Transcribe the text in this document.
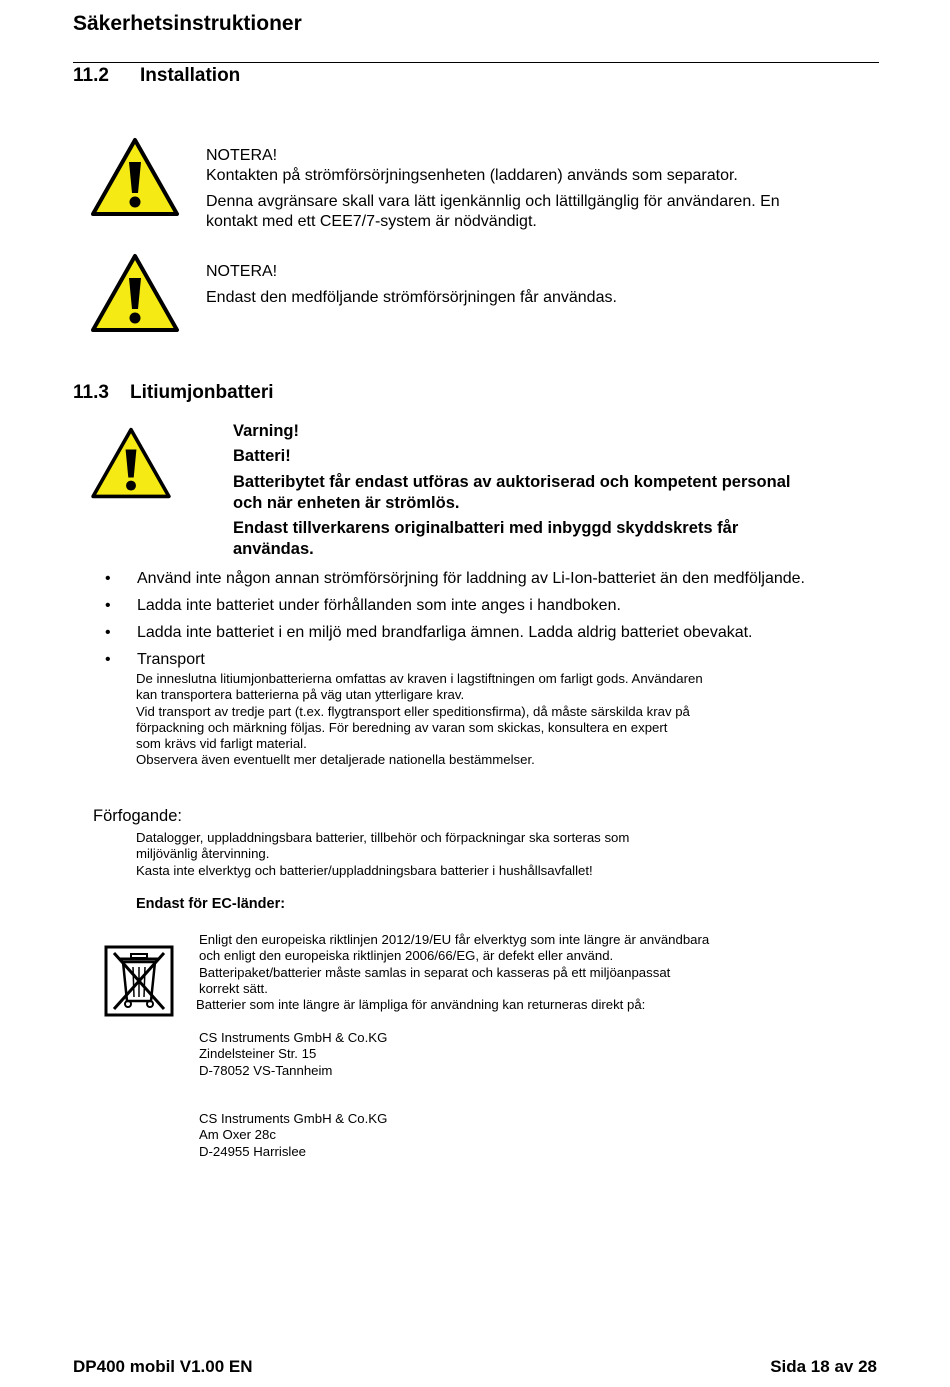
Säkerhetsinstruktioner
11.2 Installation
NOTERA!
Kontakten på strömförsörjningsenheten (laddaren) används som separator.
Denna avgränsare skall vara lätt igenkännlig och lättillgänglig för användaren. En
kontakt med ett CEE7/7-system är nödvändigt.
NOTERA!
Endast den medföljande strömförsörjningen får användas.
11.3 Litiumjonbatteri
Varning!
Batteri!
Batteribytet får endast utföras av auktoriserad och kompetent personal
och när enheten är strömlös.
Endast tillverkarens originalbatteri med inbyggd skyddskrets får
användas.
• Använd inte någon annan strömförsörjning för laddning av Li-Ion-batteriet än den medföljande.
• Ladda inte batteriet under förhållanden som inte anges i handboken.
• Ladda inte batteriet i en miljö med brandfarliga ämnen. Ladda aldrig batteriet obevakat.
• Transport
De inneslutna litiumjonbatterierna omfattas av kraven i lagstiftningen om farligt gods. Användaren
kan transportera batterierna på väg utan ytterligare krav.
Vid transport av tredje part (t.ex. flygtransport eller speditionsfirma), då måste särskilda krav på
förpackning och märkning följas. För beredning av varan som skickas, konsultera en expert
som krävs vid farligt material.
Observera även eventuellt mer detaljerade nationella bestämmelser.
Förfogande:
Datalogger, uppladdningsbara batterier, tillbehör och förpackningar ska sorteras som
miljövänlig återvinning.
Kasta inte elverktyg och batterier/uppladdningsbara batterier i hushållsavfallet!
Endast för EC-länder:
Enligt den europeiska riktlinjen 2012/19/EU får elverktyg som inte längre är användbara
och enligt den europeiska riktlinjen 2006/66/EG, är defekt eller använd.
Batteripaket/batterier måste samlas in separat och kasseras på ett miljöanpassat
korrekt sätt.
Batterier som inte längre är lämpliga för användning kan returneras direkt på:
CS Instruments GmbH & Co.KG
Zindelsteiner Str. 15
D-78052 VS-Tannheim
CS Instruments GmbH & Co.KG
Am Oxer 28c
D-24955 Harrislee
DP400 mobil V1.00 EN	Sida 18 av 28
